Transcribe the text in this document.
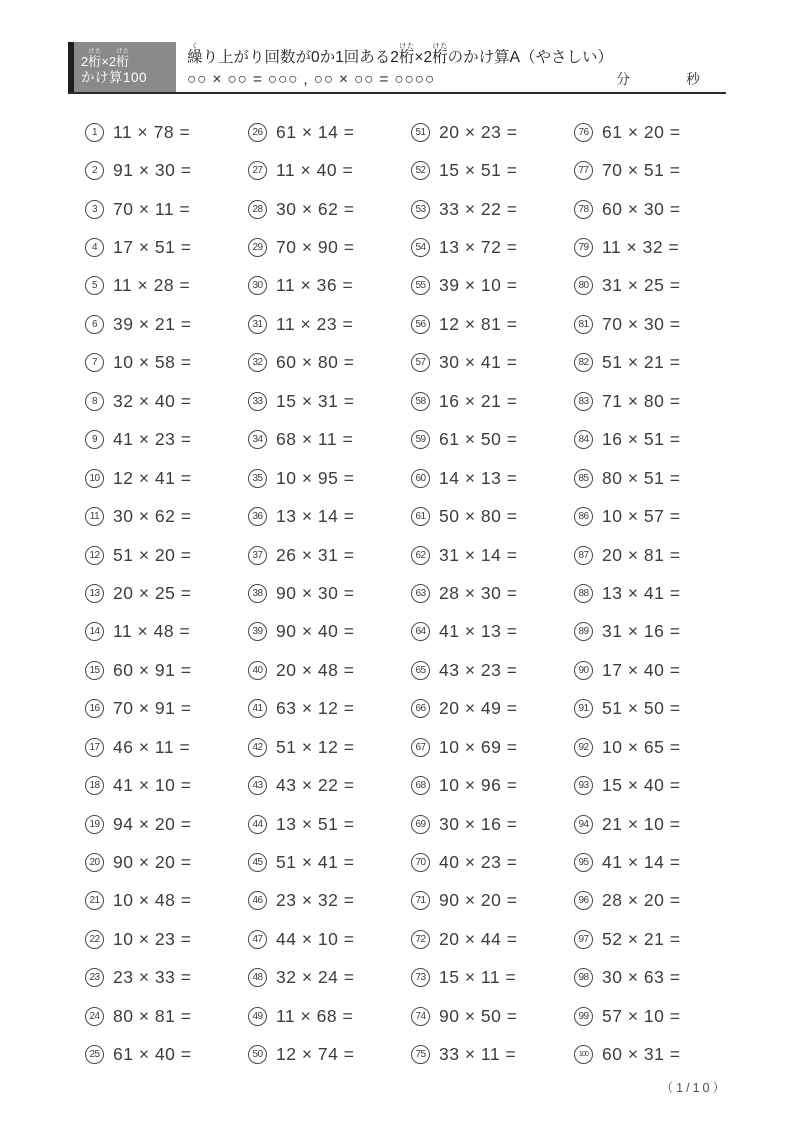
2桁けた×2桁けた
かけ算100
繰くり上がり回数が0か1回ある2桁けた×2桁けたのかけ算A（やさしい）
○○ × ○○ = ○○○ , ○○ × ○○ = ○○○○	分	秒
1 11 × 78 =
2 91 × 30 =
3 70 × 11 =
4 17 × 51 =
5 11 × 28 =
6 39 × 21 =
7 10 × 58 =
8 32 × 40 =
9 41 × 23 =
10 12 × 41 =
11 30 × 62 =
12 51 × 20 =
13 20 × 25 =
14 11 × 48 =
15 60 × 91 =
16 70 × 91 =
17 46 × 11 =
18 41 × 10 =
19 94 × 20 =
20 90 × 20 =
21 10 × 48 =
22 10 × 23 =
23 23 × 33 =
24 80 × 81 =
25 61 × 40 =
26 61 × 14 =
27 11 × 40 =
28 30 × 62 =
29 70 × 90 =
30 11 × 36 =
31 11 × 23 =
32 60 × 80 =
33 15 × 31 =
34 68 × 11 =
35 10 × 95 =
36 13 × 14 =
37 26 × 31 =
38 90 × 30 =
39 90 × 40 =
40 20 × 48 =
41 63 × 12 =
42 51 × 12 =
43 43 × 22 =
44 13 × 51 =
45 51 × 41 =
46 23 × 32 =
47 44 × 10 =
48 32 × 24 =
49 11 × 68 =
50 12 × 74 =
51 20 × 23 =
52 15 × 51 =
53 33 × 22 =
54 13 × 72 =
55 39 × 10 =
56 12 × 81 =
57 30 × 41 =
58 16 × 21 =
59 61 × 50 =
60 14 × 13 =
61 50 × 80 =
62 31 × 14 =
63 28 × 30 =
64 41 × 13 =
65 43 × 23 =
66 20 × 49 =
67 10 × 69 =
68 10 × 96 =
69 30 × 16 =
70 40 × 23 =
71 90 × 20 =
72 20 × 44 =
73 15 × 11 =
74 90 × 50 =
75 33 × 11 =
76 61 × 20 =
77 70 × 51 =
78 60 × 30 =
79 11 × 32 =
80 31 × 25 =
81 70 × 30 =
82 51 × 21 =
83 71 × 80 =
84 16 × 51 =
85 80 × 51 =
86 10 × 57 =
87 20 × 81 =
88 13 × 41 =
89 31 × 16 =
90 17 × 40 =
91 51 × 50 =
92 10 × 65 =
93 15 × 40 =
94 21 × 10 =
95 41 × 14 =
96 28 × 20 =
97 52 × 21 =
98 30 × 63 =
99 57 × 10 =
100 60 × 31 =
（1/10）
